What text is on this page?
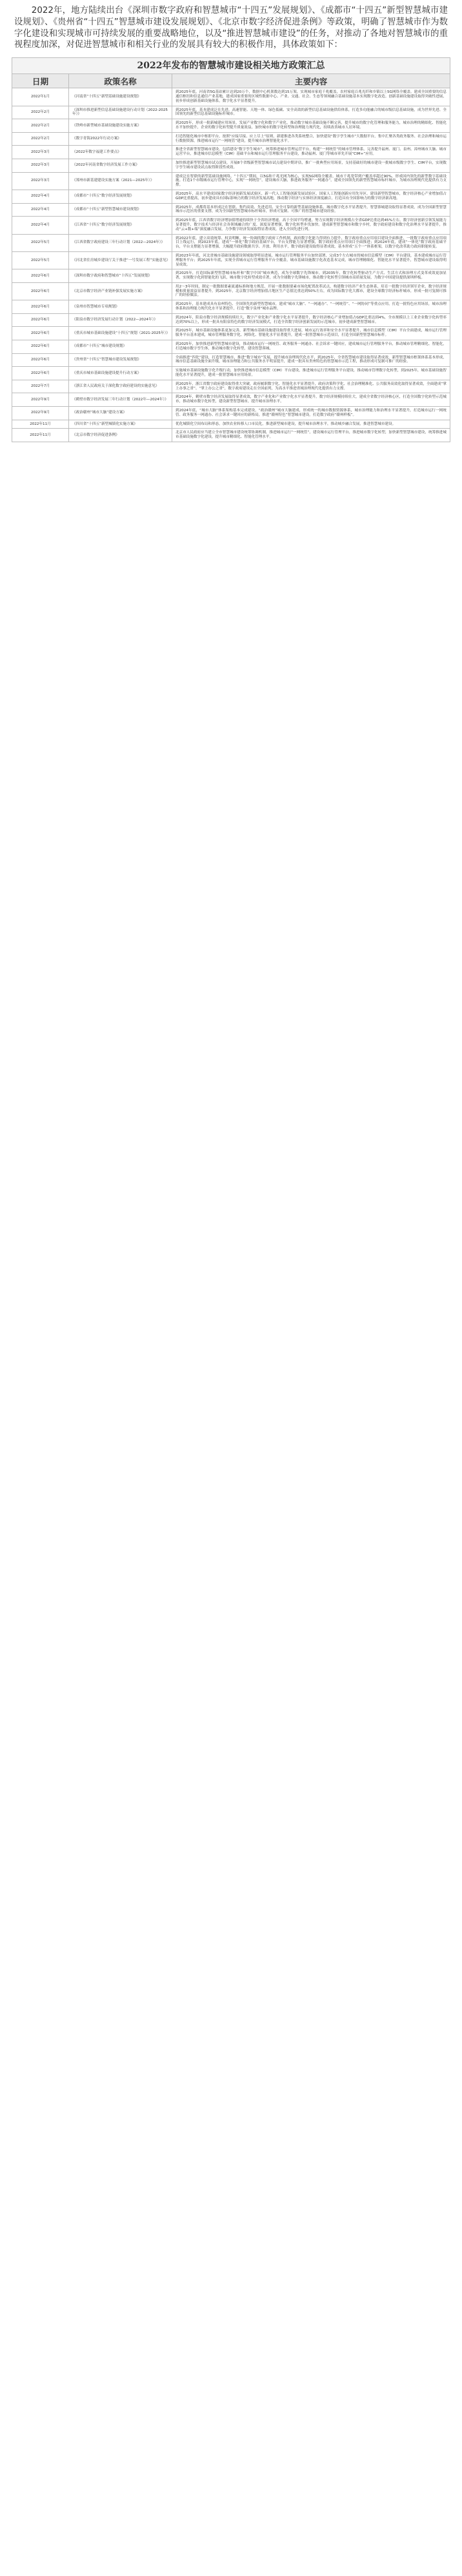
2022年，地方陆续出台《深圳市数字政府和智慧城市“十四五”发展规划》、《成都市“十四五”新型智慧城市建设规划》、《贵州省“十四五”智慧城市建设发展规划》、《北京市数字经济促进条例》等政策，明确了智慧城市作为数字化建设和实现城市可持续发展的重要战略地位，以及“推进智慧城市建设”的任务，对推动了各地对智慧城市的重视程度加深，对促进智慧城市和相关行业的发展具有较大的积极作用，具体政策如下：

2022年发布的智慧城市建设相关地方政策汇总
日期	政策名称	主要内容
2022年1月	《河南省“十四五”新型基础设施建设规划》	到2025年底，河南省5G基站累计达到20万个，数据中心机架数达到15万架，实现城市家庭千兆覆盖，农村家庭百兆光纤和乡镇以上5G网络全覆盖。建成全国重要的信息通信枢纽和信息通信产业基地，建成国家重要的区域性数据中心。产业、交通、社会、生态等领域融合基础设施基本实现数字化改造。创新基础设施建设取得突破性进展，初步形成创新基础设施体系，数字化水平显著提升。
2022年2月	《深圳市推进新型信息基础设施建设行动计划（2022-2025年）》	到2025年底，基本建成泛在先进、高速智能、天地一体、绿色低碳、安全高效的新型信息基础设施供给体系，打造多功能融合的城市级信息基础设施，成为世界先进、全国领先的新型信息基础设施标杆城市。
2022年2月	《铁岭市新型城市基础设施建设实施方案》	到2025年，形成一批新城建应用场景，发展产业数字化和数字产业化，推动数字城市基础设施不断完善，提升城市的数字化管理和服务能力，城市治理的精细化、智能化水平加快提升，企业的数字化转型提升质量效益，加快城市的数字化转型和治理能力现代化，持续改善城市人居环境。
2022年2月	《数字青海2022年行动方案》	打造智能化城市中枢即平台，按照“应接尽接、应上尽上”原则，新建推进各类系统整合，加快建设“数字孪生城市”大数据平台，集中汇聚各类政务服务、社会治理和城市运行数据资源，推进城市运行“一网统管”建设，提升城市治理智能化水平。
2022年3月	《2022年数字福建工作要点》	推进全省新型智慧城市建设，包括建设“数字孪生城市”，统筹推进城市管理运营平台，构建“一网统管”的城市管理体系。完善提升福州、厦门、泉州、漳州城市大脑、城市运营平台，推进城市信息模型（CIM）基础平台和城市运行管理服务平台建设，推动福州、厦门等城市率先开展“CIM+”应用。
2022年3月	《2022年河南省数字经济发展工作方案》	加快推进新型智慧城市试点建设，开展8个省级新型智慧城市试点建设中期评估，推广一批典型应用场景，支持基础好的城市建设一批城市级数字孪生、CIM平台，实现数字孪生城市建设试点取得阶段性成效。
2022年3月	《郑州市新基建建设实施方案（2021—2025年）》	建成泛在智联的新型基础设施网络，“十四五”期间，以5G和千兆光网为核心，实现5G网络全覆盖，城市千兆宽带到户覆盖率超过90%，形成国内领先的新型数字基础设施。打造1个市级城市运行管理中心，实现“一网统管”，建设城市大脑，推进政务服务“一网通办”，建成全国领先的新型智慧城市标杆城市，为城市治理现代化提供有力支撑。
2022年4月	《成都市“十四五”数字经济发展规划》	到2025年，高水平建成国家数字经济创新发展试验区、新一代人工智能创新发展试验区、国家人工智能创新应用先导区。建设新型智慧城市，数字经济核心产业增加值占GDP比重提高，初步建成具有国际影响力的数字经济发展高地，推动数字经济与实体经济深度融合，打造具有全国影响力的数字经济新高地。
2022年4月	《成都市“十四五”新型智慧城市建设规划》	到2025年，成都将基本形成泛在智联、集约高效、先进适用、安全可靠的新型基础设施体系，城市数字化水平显著提升，智慧蓉城建设取得显著成效，成为全国新型智慧城市示范区的重要支撑，成为全国新型智慧城市标杆城市，形成可复制、可推广的智慧城市建设经验。
2022年4月	《江西省“十四五”数字经济发展规划》	到2025年底，江西省数字经济增加值增速持续快于全省经济增速，高于全国平均增速，努力实现数字经济规模占全省GDP比重达到45%左右，数字经济创新引领发展能力显著提升，数字技术与经济社会各领域融合的广度、深度显著增强，数字化转型步伐加快。建成新型智慧城市和数字乡村，数字政府建设和数字化治理水平显著提升，推动“云+数+端”深度融合发展，力争数字经济发展取得显著成效，进入全国先进行列。
2022年5月	《江西省数字政府建设三年行动计划（2022—2024年）》	到2022年底，建立高效统筹、权责明晰、统一协调的数字政府工作机制，政府数字化能力得到有力提升，数字政府重点应用项目建设全面推进，一批数字政府重点应用项目上线运行，到2023年底，建成“一体化”数字政府基础平台，平台支撑能力显著增强，数字政府重点应用项目全面推进；到2024年底，建成“一体化”数字政府基础平台，平台支撑能力显著增强，大幅提升政府数据共享、开放、利用水平，数字政府建设取得显著成效，基本形成“五个一”体系框架，以数字化改革助力政府职能转变。
2022年5月	《河北省住房城乡建设厅关于推进“一号发展工程”实施意见》	到2023年年底，河北省城市基础设施建设领域取得明显进展，城市运行管理服务平台加快部署，完成3个左右城市的城市信息模型（CIM）平台建设，基本建成城市运行管理服务平台；到2025年年底，实现全省城市运行管理服务平台全覆盖，城市基础设施数字化改造基本完成，城市管理精细化、智能化水平显著提升，智慧城市建设取得明显成效。
2022年6月	《深圳市数字政府和智慧城市“十四五”发展规划》	到2025年，打造国际新型智慧城市标杆和“数字中国”城市典范，成为全球数字先锋城市。到2035年，数字化转型驱动生产方式、生活方式和治理方式变革成效更加显著，实现数字化到智能化的飞跃，城市数字化转型成效卓著，成为全球数字先锋城市，推动数字化转型引领城市高质量发展，为数字中国建设提供深圳样板。
2022年6月	《北京市数字经济产业链补强发展实施方案》	用2～3年时间，制定一批数据要素流通标准和地方规范，开展一批数据要素市场化配置改革试点，构建数字经济产业生态体系，培育一批数字经济领军企业，数字经济规模和质量效益显著提升。到2025年，北京数字经济增加值占地区生产总值比重达到50%左右，成为国际数字化大都市，建设全球数字经济标杆城市，形成一批可复制可推广的经验做法。
2022年6月	《泉州市智慧城市专项规划》	到2025年，基本建成具有泉州特色、全国领先的新型智慧城市，建成“城市大脑”、“一网通办”、“一网统管”、“一网协同”等重点应用，打造一批特色应用场景，城市治理体系和治理能力现代化水平显著提升，打造“数字泉州”城市品牌。
2022年6月	《阳泉市数字经济发展行动计划（2022—2024年）》	到2024年，阳泉市数字经济规模持续壮大，数字产业化和产业数字化水平显著提升，数字经济核心产业增加值占GDP比重达到4%，全市规模以上工业企业数字化转型率达到70%以上，形成一批具有阳泉特色的数字经济发展模式，打造全省数字经济创新发展的示范城市，初步建成新型智慧城市。
2022年6月	《重庆市城市基础设施建设“十四五”规划（2021-2025年）》	到2025年，城市基础设施体系更加完善，新型城市基础设施建设取得重大进展，城市运行效率和安全水平显著提升，城市信息模型（CIM）平台全面建成，城市运行管理服务平台基本建成，城市管理服务数字化、网络化、智能化水平显著提升，建成一批智慧城市示范项目，打造全国新型智慧城市标杆。
2022年6月	《成都市“十四五”城市建设规划》	到2025年，加快推进新型智慧城市建设，推动城市运行一网统管、政务服务一网通办、社会诉求一键回应，建成城市运行管理服务平台，推动城市管理精细化、智能化，打造城市数字孪生体，推动城市数字化转型，建设智慧蓉城。
2022年6月	《贵州省“十四五”智慧城市建设发展规划》	全面推进“四化”建设，打造智慧城市，推进“数字城市”发展，提升城市治理现代化水平，到2025年，全省智慧城市建设取得显著成效，新型智慧城市框架体系基本形成，城市信息基础设施全面升级，城市治理能力和公共服务水平明显提升，建成一批具有贵州特色的智慧城市示范工程，推动形成可复制可推广的经验。
2022年6月	《重庆市城市基础设施建设提升行动方案》	实施城市基础设施数字化升级行动，加快推进城市信息模型（CIM）平台建设，推进城市运行管理服务平台建设，推动城市管理数字化转型，到2025年，城市基础设施智能化水平显著提升，建成一批智慧城市应用场景。
2022年7月	《浙江省人民政府关于深化数字政府建设的实施意见》	到2025年，浙江省数字政府建设取得重大突破，政府履职数字化、智能化水平显著提升，政府决策科学化、社会治理精准化、公共服务高效化取得显著成效，全面建成“掌上办事之省”、“掌上办公之省”，数字政府建设走在全国前列，为高水平推进省域治理现代化提供有力支撑。
2022年9月	《鹤壁市数字经济发展三年行动计划（2022年—2024年）》	到2024年，鹤壁市数字经济发展取得显著成效，数字产业化和产业数字化水平显著提升，数字经济规模持续壮大，建成全省数字经济核心区，打造全国数字化转型示范城市，推动城市数字化转型，建设新型智慧城市，提升城市治理水平。
2022年9月	《政治赣州“城市大脑”建设方案》	到2024年底，“城市大脑”体系架构基本完成建设，“政治赣州”城市大脑建成，形成统一的城市数据资源体系，城市治理能力和治理水平显著提升，打造城市运行一网统管、政务服务一网通办、社会诉求一键回应的新格局，推进“赣州特色”智慧城市建设，打造数字政府“赣州样板”。
2022年11月	《四川省“十四五”新型城镇化实施方案》	优化城镇化空间布局和形态，加快农业转移人口市民化，推进新型城市建设，提升城市治理水平，推动城乡融合发展，推进智慧城市建设。
2022年11月	《北京市数字经济促进条例》	北京市人民政府应当建立全市智慧城市建设统筹协调机制，推进城市运行“一网统管”，建设城市运行管理平台，推进城市数字化转型，加快新型智慧城市建设，统筹推进城市基础设施数字化建设，提升城市精细化、智能化管理水平。
